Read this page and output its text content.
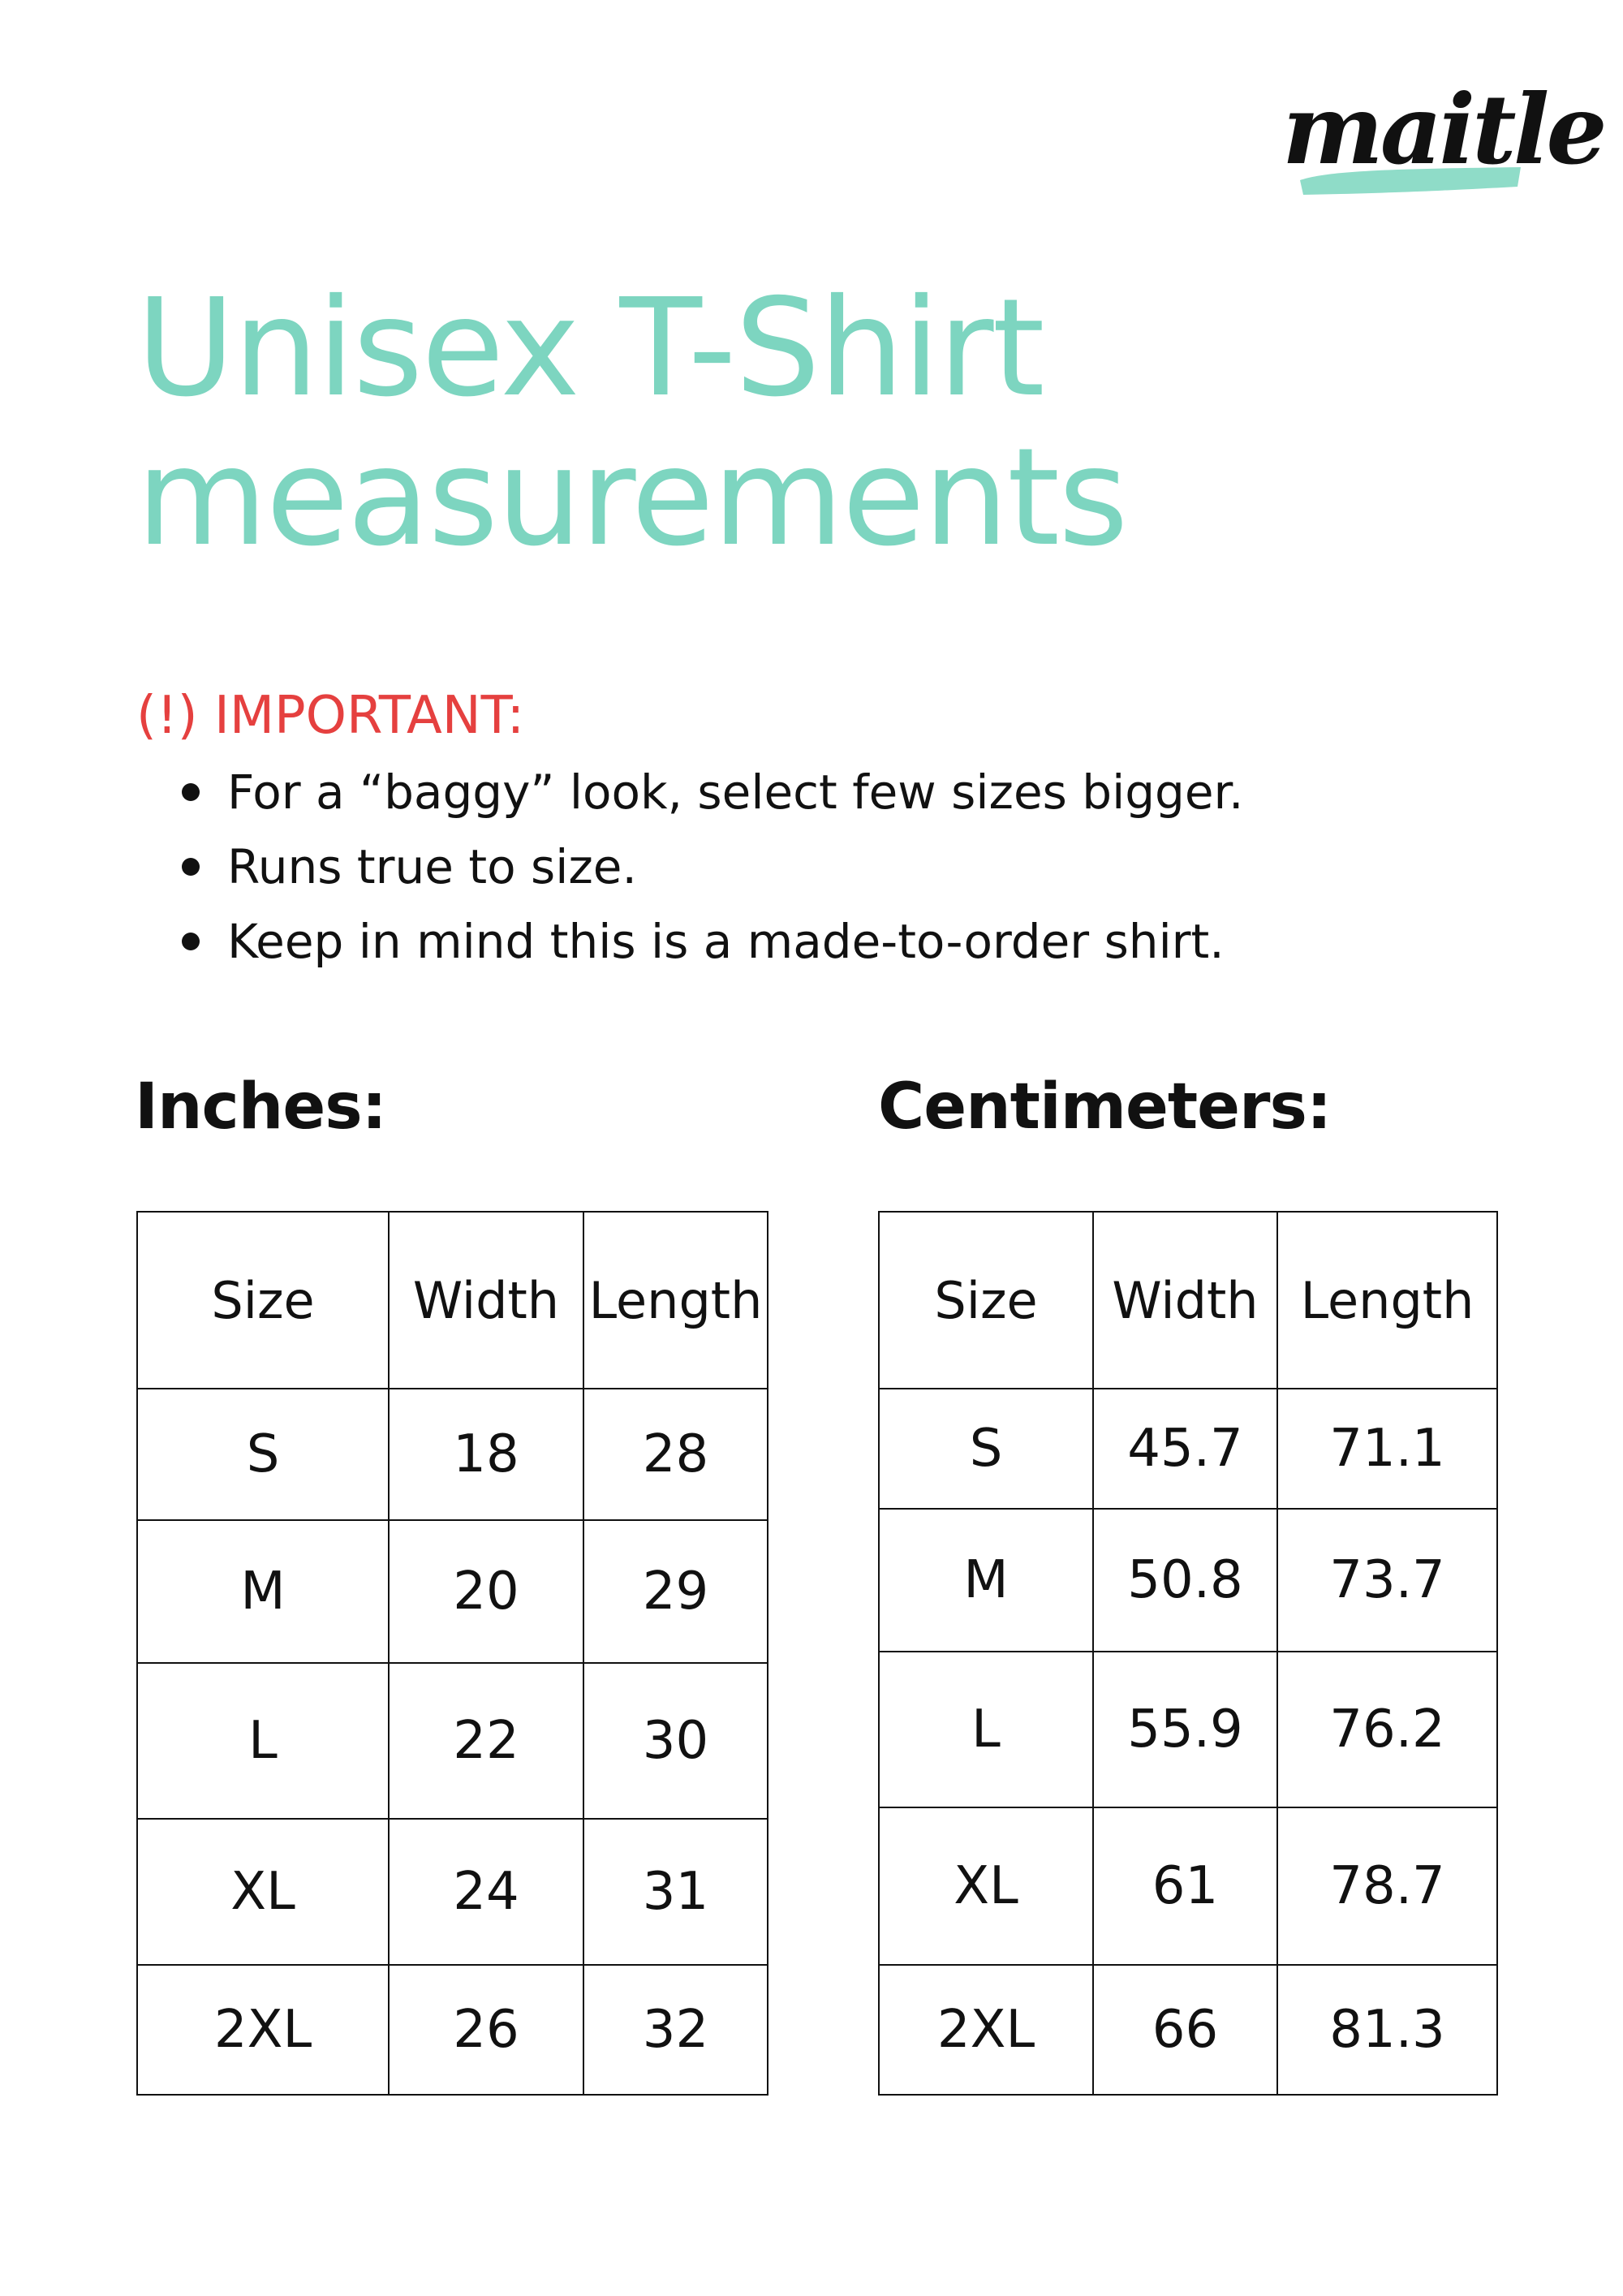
maitle
Unisex T-Shirt
measurements
(!) IMPORTANT:
For a “baggy” look, select few sizes bigger.
Runs true to size.
Keep in mind this is a made-to-order shirt.
Inches:	Centimeters:
Size	Width	Length
S	18	28
M	20	29
L	22	30
XL	24	31
2XL	26	32
Size	Width	Length
S	45.7	71.1
M	50.8	73.7
L	55.9	76.2
XL	61	78.7
2XL	66	81.3
